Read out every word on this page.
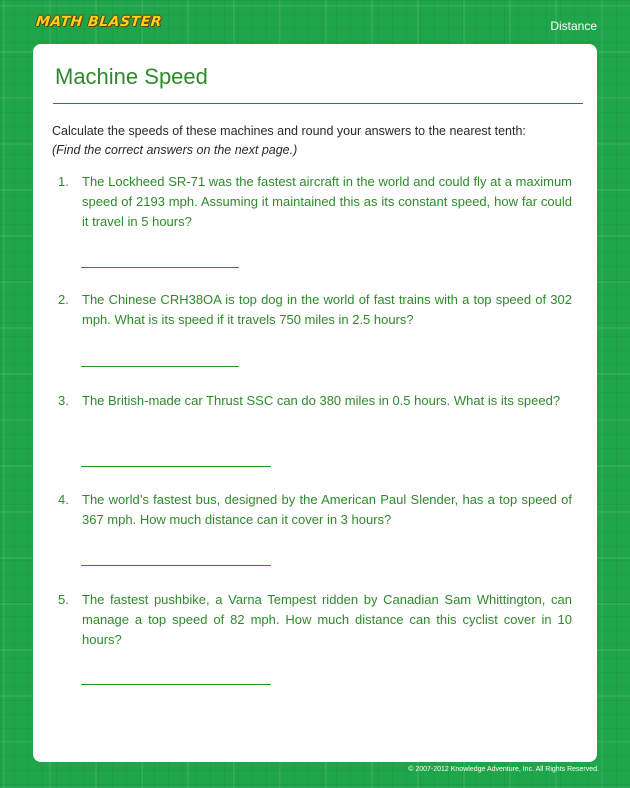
MATH BLASTER	Distance
Machine Speed
Calculate the speeds of these machines and round your answers to the nearest tenth:
(Find the correct answers on the next page.)
1.	The Lockheed SR-71 was the fastest aircraft in the world and could fly at a maximum speed of 2193 mph. Assuming it maintained this as its constant speed, how far could it travel in 5 hours?
2.	The Chinese CRH38OA is top dog in the world of fast trains with a top speed of 302 mph. What is its speed if it travels 750 miles in 2.5 hours?
3.	The British-made car Thrust SSC can do 380 miles in 0.5 hours. What is its speed?
4.	The world’s fastest bus, designed by the American Paul Slender, has a top speed of 367 mph. How much distance can it cover in 3 hours?
5.	The fastest pushbike, a Varna Tempest ridden by Canadian Sam Whittington, can manage a top speed of 82 mph. How much distance can this cyclist cover in 10 hours?
© 2007-2012 Knowledge Adventure, Inc. All Rights Reserved.
